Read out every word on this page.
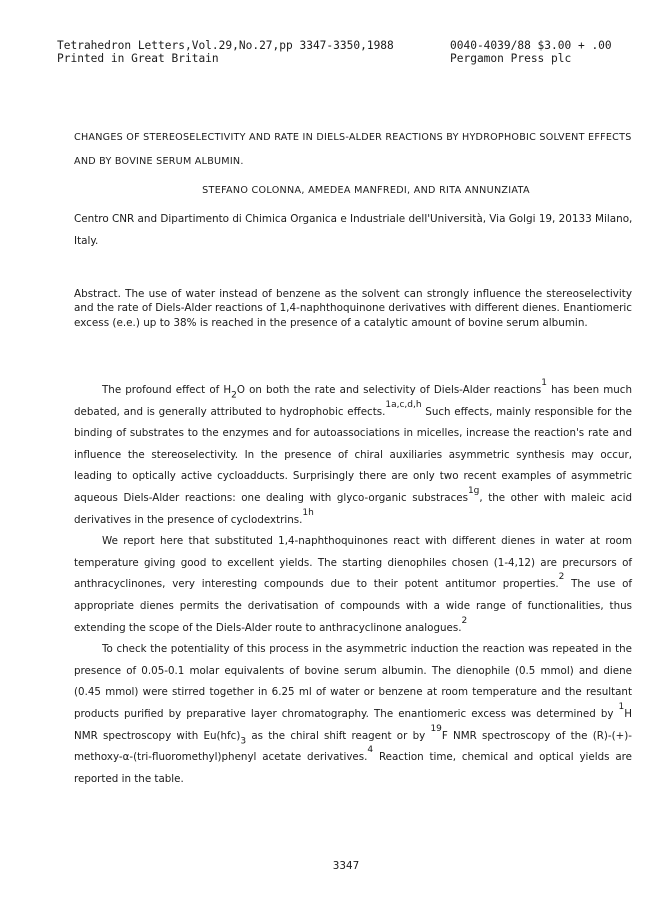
Tetrahedron Letters,Vol.29,No.27,pp 3347-3350,1988
Printed in Great Britain
0040-4039/88 $3.00 + .00
Pergamon Press plc
CHANGES OF STEREOSELECTIVITY AND RATE IN DIELS-ALDER REACTIONS BY HYDROPHOBIC SOLVENT EFFECTS AND BY BOVINE SERUM ALBUMIN.
STEFANO COLONNA, AMEDEA MANFREDI, AND RITA ANNUNZIATA
Centro CNR and Dipartimento di Chimica Organica e Industriale dell'Università, Via Golgi 19, 20133 Milano, Italy.
Abstract. The use of water instead of benzene as the solvent can strongly influence the stereoselectivity and the rate of Diels-Alder reactions of 1,4-naphthoquinone derivatives with different dienes. Enantiomeric excess (e.e.) up to 38% is reached in the presence of a catalytic amount of bovine serum albumin.

The profound effect of $H_2O$ on both the rate and selectivity of Diels-Alder reactions$^1$ has been much debated, and is generally attributed to hydrophobic effects.$^{1a,c,d,h}$ Such effects, mainly responsible for the binding of substrates to the enzymes and for autoassociations in micelles, increase the reaction's rate and influence the stereoselectivity. In the presence of chiral auxiliaries asymmetric synthesis may occur, leading to optically active cycloadducts. Surprisingly there are only two recent examples of asymmetric aqueous Diels-Alder reactions: one dealing with glyco-organic substraces$^{1g}$, the other with maleic acid derivatives in the presence of cyclodextrins.$^{1h}$

We report here that substituted 1,4-naphthoquinones react with different dienes in water at room temperature giving good to excellent yields. The starting dienophiles chosen (1-4,12) are precursors of anthracyclinones, very interesting compounds due to their potent antitumor properties.$^2$ The use of appropriate dienes permits the derivatisation of compounds with a wide range of functionalities, thus extending the scope of the Diels-Alder route to anthracyclinone analogues.$^2$

To check the potentiality of this process in the asymmetric induction the reaction was repeated in the presence of 0.05-0.1 molar equivalents of bovine serum albumin. The dienophile (0.5 mmol) and diene (0.45 mmol) were stirred together in 6.25 ml of water or benzene at room temperature and the resultant products purified by preparative layer chromatography. The enantiomeric excess was determined by $^1$H NMR spectroscopy with $Eu(hfc)_3$ as the chiral shift reagent or by $^{19}$F NMR spectroscopy of the (R)-(+)-methoxy-α-(tri-fluoromethyl)phenyl acetate derivatives.$^4$ Reaction time, chemical and optical yields are reported in the table.

3347
